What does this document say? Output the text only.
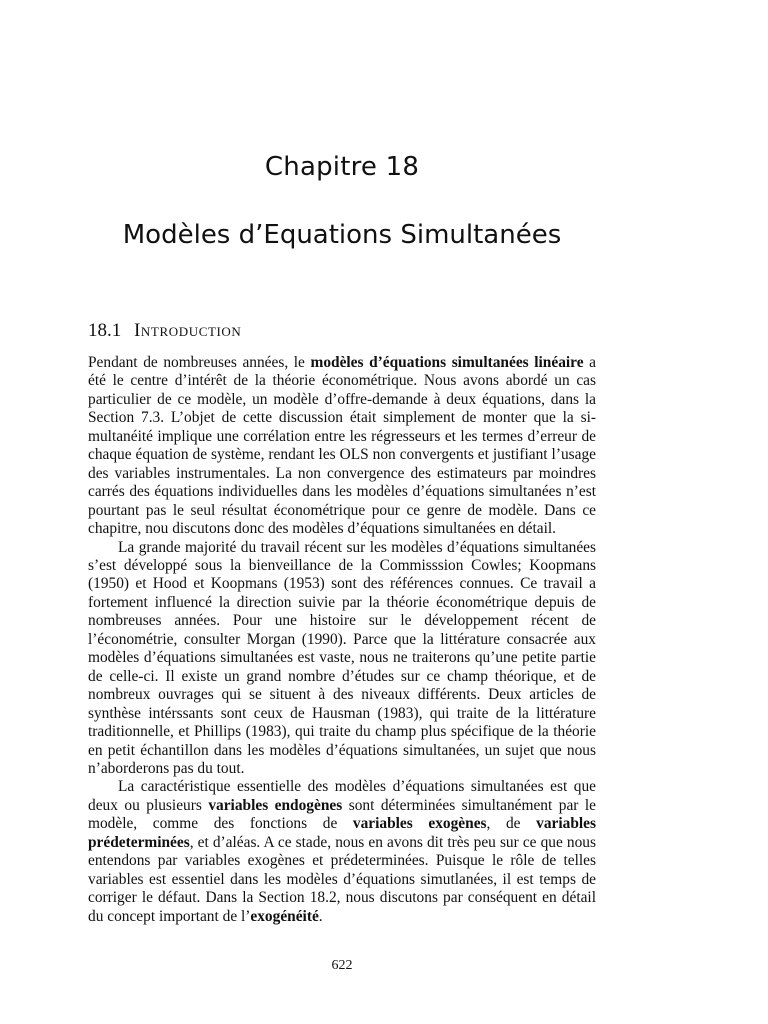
Chapitre 18
Modèles d’Equations Simultanées
18.1 Introduction

Pendant de nombreuses années, le modèles d’équations simultanées linéaire a été le centre d’intérêt de la théorie économétrique. Nous avons abordé un cas particulier de ce modèle, un modèle d’offre-demande à deux équations, dans la Section 7.3. L’objet de cette discussion était simplement de monter que la simultanéité implique une corrélation entre les régresseurs et les termes d’erreur de chaque équation de système, rendant les OLS non convergents et justifiant l’usage des variables instrumentales. La non convergence des estimateurs par moindres carrés des équations individuelles dans les modèles d’équations simultanées n’est pourtant pas le seul résultat économétrique pour ce genre de modèle. Dans ce chapitre, nou discutons donc des modèles d’équations simultanées en détail.

La grande majorité du travail récent sur les modèles d’équations simultanées s’est développé sous la bienveillance de la Commisssion Cowles; Koopmans (1950) et Hood et Koopmans (1953) sont des références connues. Ce travail a fortement influencé la direction suivie par la théorie économétrique depuis de nombreuses années. Pour une histoire sur le développement récent de l’économétrie, consulter Morgan (1990). Parce que la littérature consacrée aux modèles d’équations simultanées est vaste, nous ne traiterons qu’une petite partie de celle-ci. Il existe un grand nombre d’études sur ce champ théorique, et de nombreux ouvrages qui se situent à des niveaux différents. Deux articles de synthèse intérssants sont ceux de Hausman (1983), qui traite de la littérature traditionnelle, et Phillips (1983), qui traite du champ plus spécifique de la théorie en petit échantillon dans les modèles d’équations simultanées, un sujet que nous n’aborderons pas du tout.

La caractéristique essentielle des modèles d’équations simultanées est que deux ou plusieurs variables endogènes sont déterminées simultanément par le modèle, comme des fonctions de variables exogènes, de variables prédeterminées, et d’aléas. A ce stade, nous en avons dit très peu sur ce que nous entendons par variables exogènes et prédeterminées. Puisque le rôle de telles variables est essentiel dans les modèles d’équations simutlanées, il est temps de corriger le défaut. Dans la Section 18.2, nous discutons par conséquent en détail du concept important de l’exogénéité.

622
